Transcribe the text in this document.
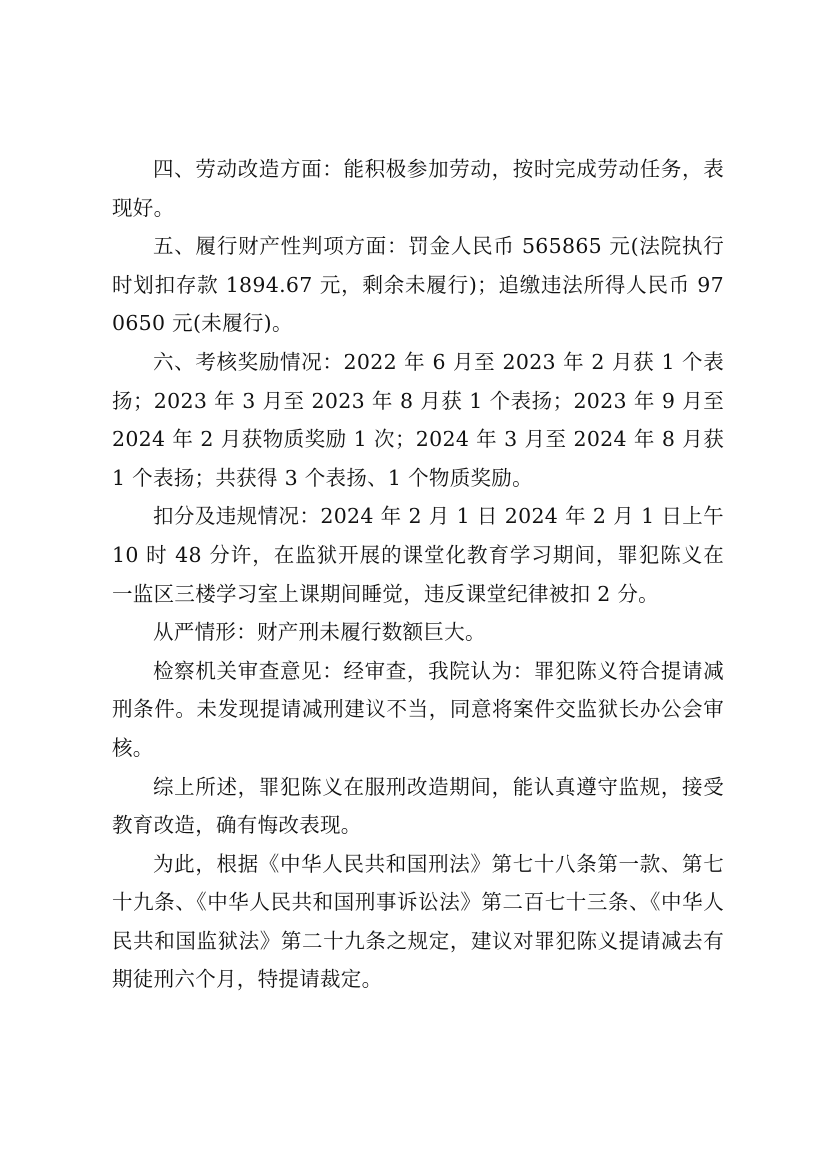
四、劳动改造方面：能积极参加劳动，按时完成劳动任务，表现好。

五、履行财产性判项方面：罚金人民币 565865 元(法院执行时划扣存款 1894.67 元，剩余未履行)；追缴违法所得人民币 970650 元(未履行)。

六、考核奖励情况：2022 年 6 月至 2023 年 2 月获 1 个表扬；2023 年 3 月至 2023 年 8 月获 1 个表扬；2023 年 9 月至 2024 年 2 月获物质奖励 1 次；2024 年 3 月至 2024 年 8 月获 1 个表扬；共获得 3 个表扬、1 个物质奖励。

扣分及违规情况：2024 年 2 月 1 日 2024 年 2 月 1 日上午 10 时 48 分许，在监狱开展的课堂化教育学习期间，罪犯陈义在一监区三楼学习室上课期间睡觉，违反课堂纪律被扣 2 分。

从严情形：财产刑未履行数额巨大。

检察机关审查意见：经审查，我院认为：罪犯陈义符合提请减刑条件。未发现提请减刑建议不当，同意将案件交监狱长办公会审核。

综上所述，罪犯陈义在服刑改造期间，能认真遵守监规，接受教育改造，确有悔改表现。

为此，根据《中华人民共和国刑法》第七十八条第一款、第七十九条、《中华人民共和国刑事诉讼法》第二百七十三条、《中华人民共和国监狱法》第二十九条之规定，建议对罪犯陈义提请减去有期徒刑六个月，特提请裁定。
